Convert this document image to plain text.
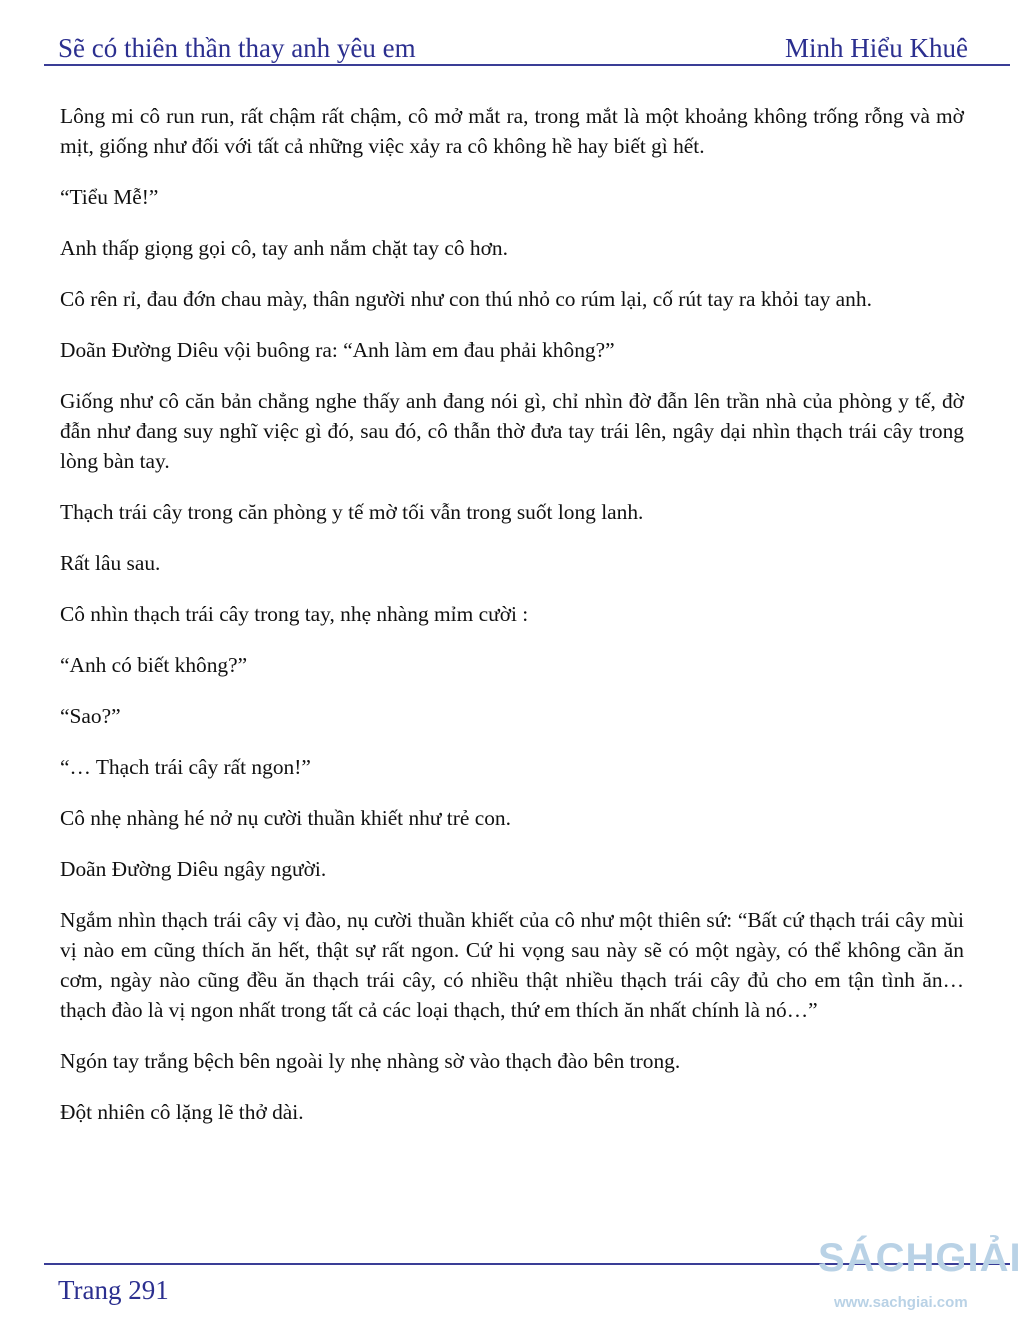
Sẽ có thiên thần thay anh yêu em	Minh Hiểu Khuê

Lông mi cô run run, rất chậm rất chậm, cô mở mắt ra, trong mắt là một khoảng không trống rỗng và mờ mịt, giống như đối với tất cả những việc xảy ra cô không hề hay biết gì hết.

“Tiểu Mễ!”

Anh thấp giọng gọi cô, tay anh nắm chặt tay cô hơn.

Cô rên rỉ, đau đớn chau mày, thân người như con thú nhỏ co rúm lại, cố rút tay ra khỏi tay anh.

Doãn Đường Diêu vội buông ra: “Anh làm em đau phải không?”

Giống như cô căn bản chẳng nghe thấy anh đang nói gì, chỉ nhìn đờ đẫn lên trần nhà của phòng y tế, đờ đẫn như đang suy nghĩ việc gì đó, sau đó, cô thẫn thờ đưa tay trái lên, ngây dại nhìn thạch trái cây trong lòng bàn tay.

Thạch trái cây trong căn phòng y tế mờ tối vẫn trong suốt long lanh.

Rất lâu sau.

Cô nhìn thạch trái cây trong tay, nhẹ nhàng mỉm cười :

“Anh có biết không?”

“Sao?”

“… Thạch trái cây rất ngon!”

Cô nhẹ nhàng hé nở nụ cười thuần khiết như trẻ con.

Doãn Đường Diêu ngây người.

Ngắm nhìn thạch trái cây vị đào, nụ cười thuần khiết của cô như một thiên sứ: “Bất cứ thạch trái cây mùi vị nào em cũng thích ăn hết, thật sự rất ngon. Cứ hi vọng sau này sẽ có một ngày, có thể không cần ăn cơm, ngày nào cũng đều ăn thạch trái cây, có nhiều thật nhiều thạch trái cây đủ cho em tận tình ăn… thạch đào là vị ngon nhất trong tất cả các loại thạch, thứ em thích ăn nhất chính là nó…”

Ngón tay trắng bệch bên ngoài ly nhẹ nhàng sờ vào thạch đào bên trong.

Đột nhiên cô lặng lẽ thở dài.

Trang 291
SÁCHGIẢI
www.sachgiai.com
